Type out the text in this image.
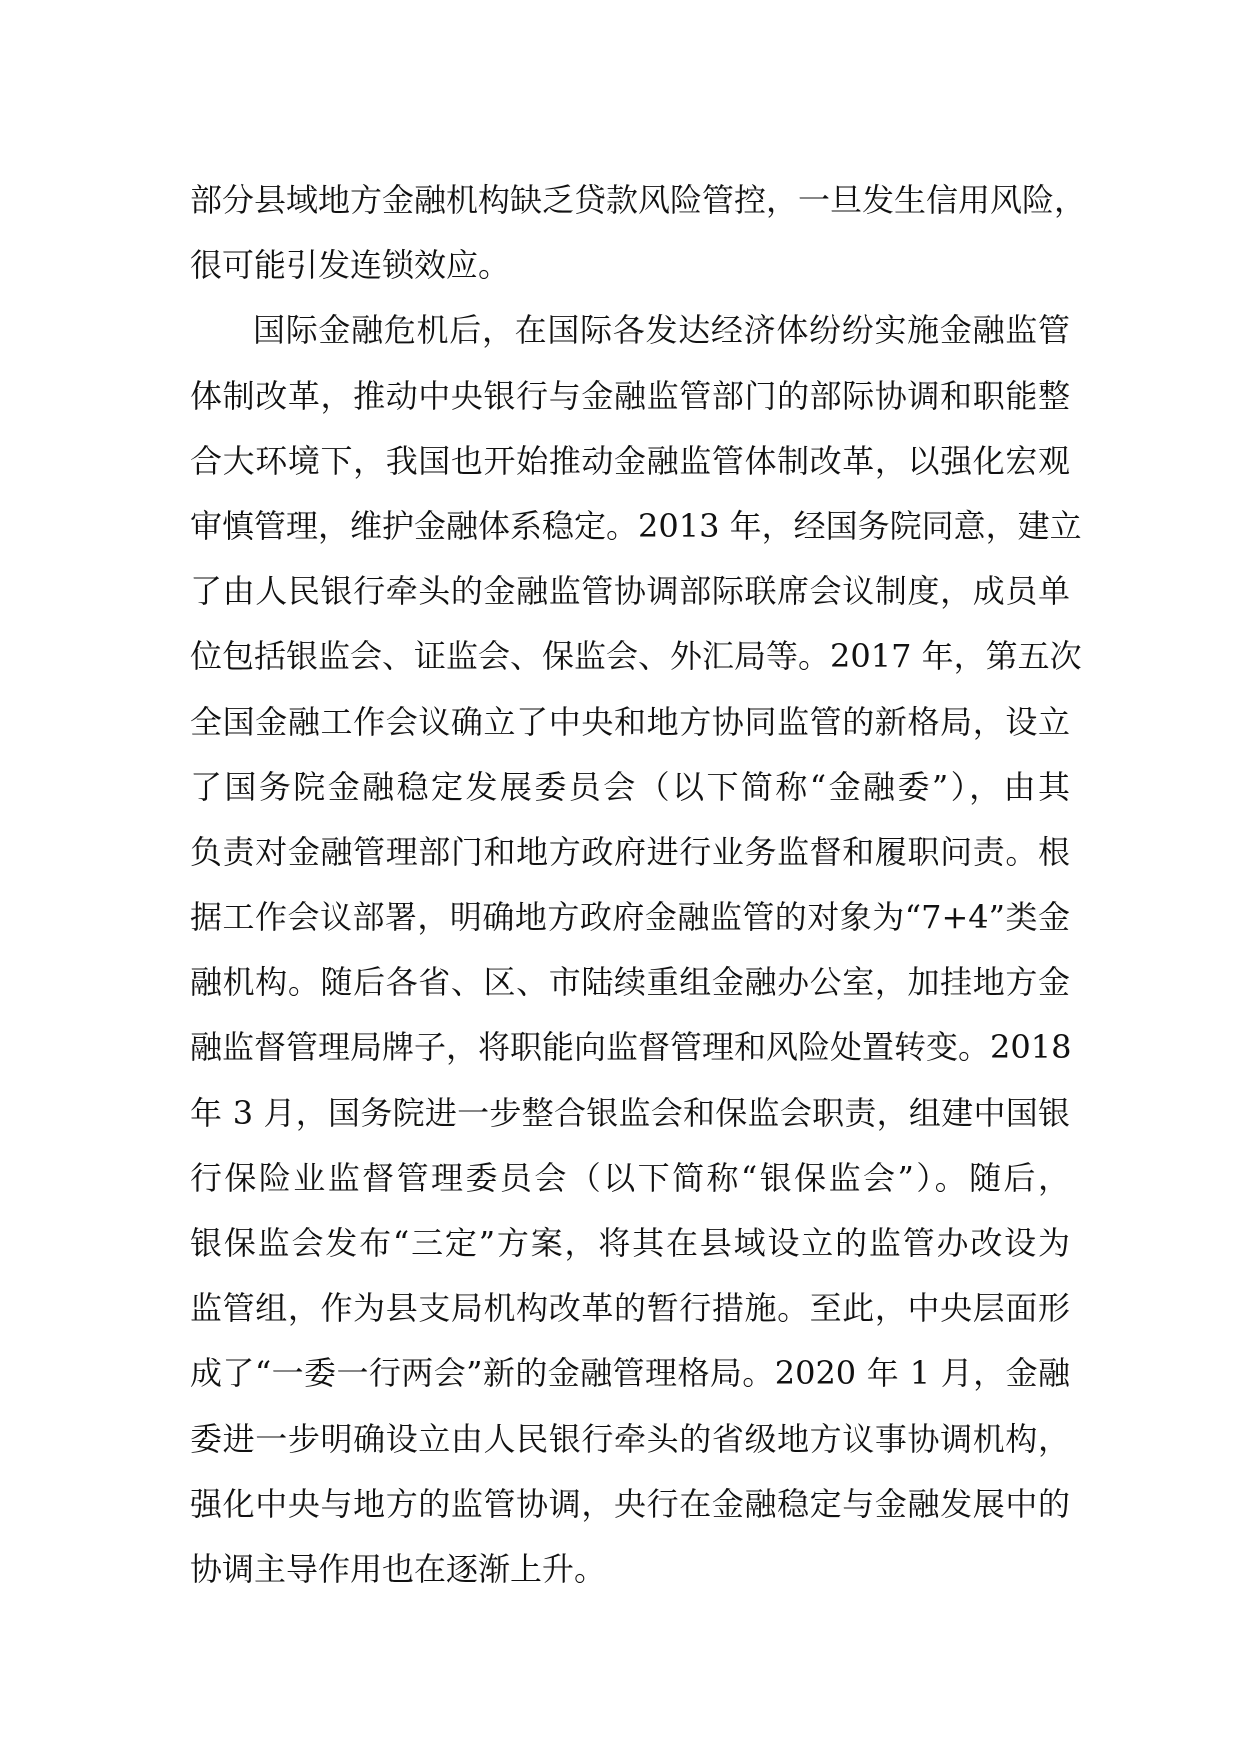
部分县域地方金融机构缺乏贷款风险管控，一旦发生信用风险，
很可能引发连锁效应。
国际金融危机后，在国际各发达经济体纷纷实施金融监管
体制改革，推动中央银行与金融监管部门的部际协调和职能整
合大环境下，我国也开始推动金融监管体制改革，以强化宏观
审慎管理，维护金融体系稳定。2013 年，经国务院同意，建立
了由人民银行牵头的金融监管协调部际联席会议制度，成员单
位包括银监会、证监会、保监会、外汇局等。2017 年，第五次
全国金融工作会议确立了中央和地方协同监管的新格局，设立
了国务院金融稳定发展委员会（以下简称“金融委”），由其
负责对金融管理部门和地方政府进行业务监督和履职问责。根
据工作会议部署，明确地方政府金融监管的对象为“7+4”类金
融机构。随后各省、区、市陆续重组金融办公室，加挂地方金
融监督管理局牌子，将职能向监督管理和风险处置转变。2018
年 3 月，国务院进一步整合银监会和保监会职责，组建中国银
行保险业监督管理委员会（以下简称“银保监会”）。随后，
银保监会发布“三定”方案，将其在县域设立的监管办改设为
监管组，作为县支局机构改革的暂行措施。至此，中央层面形
成了“一委一行两会”新的金融管理格局。2020 年 1 月，金融
委进一步明确设立由人民银行牵头的省级地方议事协调机构，
强化中央与地方的监管协调，央行在金融稳定与金融发展中的
协调主导作用也在逐渐上升。
